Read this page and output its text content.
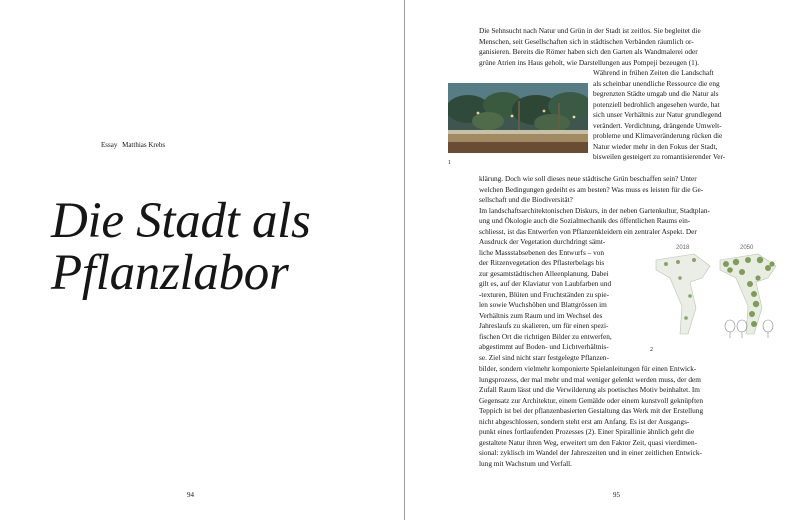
Essay Matthias Krebs
Die Stadt als
Pflanzlabor
94
1
2018	2050
2
Die Sehnsucht nach Natur und Grün in der Stadt ist zeitlos. Sie begleitet die
Menschen, seit Gesellschaften sich in städtischen Verbänden räumlich or-
ganisieren. Bereits die Römer haben sich den Garten als Wandmalerei oder
grüne Atrien ins Haus geholt, wie Darstellungen aus Pompeji bezeugen (1).
Während in frühen Zeiten die Landschaft
als scheinbar unendliche Ressource die eng
begrenzten Städte umgab und die Natur als
potenziell bedrohlich angesehen wurde, hat
sich unser Verhältnis zur Natur grundlegend
verändert. Verdichtung, drängende Umwelt-
probleme und Klimaveränderung rücken die
Natur wieder mehr in den Fokus der Stadt,
bisweilen gesteigert zu romantisierender Ver-
klärung. Doch wie soll dieses neue städtische Grün beschaffen sein? Unter
welchen Bedingungen gedeiht es am besten? Was muss es leisten für die Ge-
sellschaft und die Biodiversität?
Im landschaftsarchitektonischen Diskurs, in der neben Gartenkultur, Stadtplan-
ung und Ökologie auch die Sozialmechanik des öffentlichen Raums ein-
schliesst, ist das Entwerfen von Pflanzenkleidern ein zentraler Aspekt. Der
Ausdruck der Vegetation durchdringt sämt-
liche Massstabsebenen des Entwurfs – von
der Ritzenvegetation des Pflasterbelags bis
zur gesamtstädtischen Alleenplanung. Dabei
gilt es, auf der Klaviatur von Laubfarben und
-texturen, Blüten und Fruchtständen zu spie-
len sowie Wuchshöhen und Blattgrössen im
Verhältnis zum Raum und im Wechsel des
Jahreslaufs zu skalieren, um für einen spezi-
fischen Ort die richtigen Bilder zu entwerfen,
abgestimmt auf Boden- und Lichtverhältnis-
se. Ziel sind nicht starr festgelegte Pflanzen-
bilder, sondern vielmehr komponierte Spielanleitungen für einen Entwick-
lungsprozess, der mal mehr und mal weniger gelenkt werden muss, der dem
Zufall Raum lässt und die Verwilderung als poetisches Motiv beinhaltet. Im
Gegensatz zur Architektur, einem Gemälde oder einem kunstvoll geknüpften
Teppich ist bei der pflanzenbasierten Gestaltung das Werk mit der Erstellung
nicht abgeschlossen, sondern steht erst am Anfang. Es ist der Ausgangs-
punkt eines fortlaufenden Prozesses (2). Einer Spirallinie ähnlich geht die
gestaltete Natur ihren Weg, erweitert um den Faktor Zeit, quasi vierdimen-
sional: zyklisch im Wandel der Jahreszeiten und in einer zeitlichen Entwick-
lung mit Wachstum und Verfall.
95
